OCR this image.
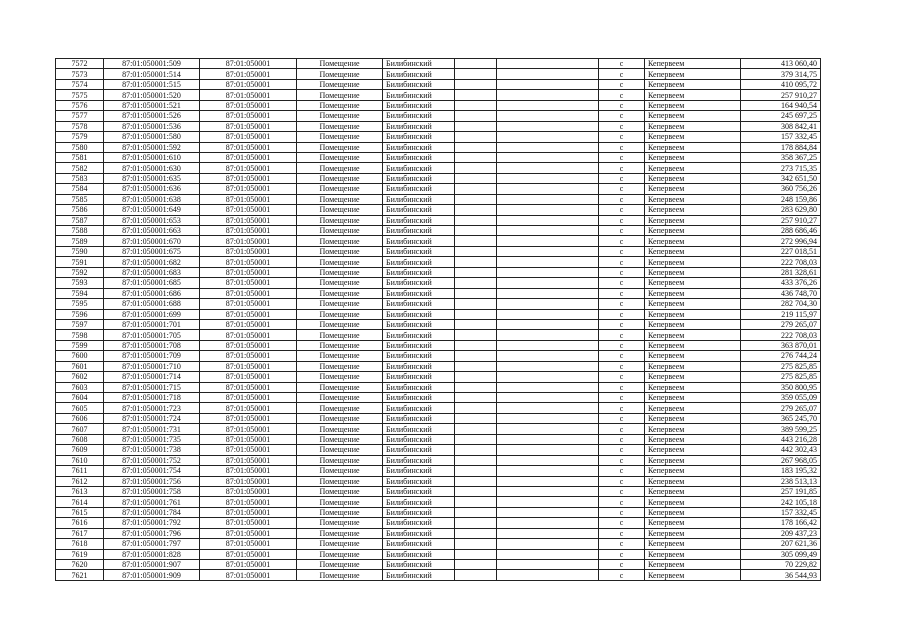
7572	87:01:050001:509	87:01:050001	Помещение	Билибинский			с	Кепервеем	413 060,40
7573	87:01:050001:514	87:01:050001	Помещение	Билибинский			с	Кепервеем	379 314,75
7574	87:01:050001:515	87:01:050001	Помещение	Билибинский			с	Кепервеем	410 095,72
7575	87:01:050001:520	87:01:050001	Помещение	Билибинский			с	Кепервеем	257 910,27
7576	87:01:050001:521	87:01:050001	Помещение	Билибинский			с	Кепервеем	164 940,54
7577	87:01:050001:526	87:01:050001	Помещение	Билибинский			с	Кепервеем	245 697,25
7578	87:01:050001:536	87:01:050001	Помещение	Билибинский			с	Кепервеем	308 842,41
7579	87:01:050001:580	87:01:050001	Помещение	Билибинский			с	Кепервеем	157 332,45
7580	87:01:050001:592	87:01:050001	Помещение	Билибинский			с	Кепервеем	178 884,84
7581	87:01:050001:610	87:01:050001	Помещение	Билибинский			с	Кепервеем	358 367,25
7582	87:01:050001:630	87:01:050001	Помещение	Билибинский			с	Кепервеем	273 715,35
7583	87:01:050001:635	87:01:050001	Помещение	Билибинский			с	Кепервеем	342 651,50
7584	87:01:050001:636	87:01:050001	Помещение	Билибинский			с	Кепервеем	360 756,26
7585	87:01:050001:638	87:01:050001	Помещение	Билибинский			с	Кепервеем	248 159,86
7586	87:01:050001:649	87:01:050001	Помещение	Билибинский			с	Кепервеем	283 629,80
7587	87:01:050001:653	87:01:050001	Помещение	Билибинский			с	Кепервеем	257 910,27
7588	87:01:050001:663	87:01:050001	Помещение	Билибинский			с	Кепервеем	288 686,46
7589	87:01:050001:670	87:01:050001	Помещение	Билибинский			с	Кепервеем	272 996,94
7590	87:01:050001:675	87:01:050001	Помещение	Билибинский			с	Кепервеем	227 018,51
7591	87:01:050001:682	87:01:050001	Помещение	Билибинский			с	Кепервеем	222 708,03
7592	87:01:050001:683	87:01:050001	Помещение	Билибинский			с	Кепервеем	281 328,61
7593	87:01:050001:685	87:01:050001	Помещение	Билибинский			с	Кепервеем	433 376,26
7594	87:01:050001:686	87:01:050001	Помещение	Билибинский			с	Кепервеем	436 748,70
7595	87:01:050001:688	87:01:050001	Помещение	Билибинский			с	Кепервеем	282 704,30
7596	87:01:050001:699	87:01:050001	Помещение	Билибинский			с	Кепервеем	219 115,97
7597	87:01:050001:701	87:01:050001	Помещение	Билибинский			с	Кепервеем	279 265,07
7598	87:01:050001:705	87:01:050001	Помещение	Билибинский			с	Кепервеем	222 708,03
7599	87:01:050001:708	87:01:050001	Помещение	Билибинский			с	Кепервеем	363 870,01
7600	87:01:050001:709	87:01:050001	Помещение	Билибинский			с	Кепервеем	276 744,24
7601	87:01:050001:710	87:01:050001	Помещение	Билибинский			с	Кепервеем	275 825,85
7602	87:01:050001:714	87:01:050001	Помещение	Билибинский			с	Кепервеем	275 825,85
7603	87:01:050001:715	87:01:050001	Помещение	Билибинский			с	Кепервеем	350 800,95
7604	87:01:050001:718	87:01:050001	Помещение	Билибинский			с	Кепервеем	359 055,09
7605	87:01:050001:723	87:01:050001	Помещение	Билибинский			с	Кепервеем	279 265,07
7606	87:01:050001:724	87:01:050001	Помещение	Билибинский			с	Кепервеем	365 245,70
7607	87:01:050001:731	87:01:050001	Помещение	Билибинский			с	Кепервеем	389 599,25
7608	87:01:050001:735	87:01:050001	Помещение	Билибинский			с	Кепервеем	443 216,28
7609	87:01:050001:738	87:01:050001	Помещение	Билибинский			с	Кепервеем	442 302,43
7610	87:01:050001:752	87:01:050001	Помещение	Билибинский			с	Кепервеем	267 968,05
7611	87:01:050001:754	87:01:050001	Помещение	Билибинский			с	Кепервеем	183 195,32
7612	87:01:050001:756	87:01:050001	Помещение	Билибинский			с	Кепервеем	238 513,13
7613	87:01:050001:758	87:01:050001	Помещение	Билибинский			с	Кепервеем	257 191,85
7614	87:01:050001:761	87:01:050001	Помещение	Билибинский			с	Кепервеем	242 105,18
7615	87:01:050001:784	87:01:050001	Помещение	Билибинский			с	Кепервеем	157 332,45
7616	87:01:050001:792	87:01:050001	Помещение	Билибинский			с	Кепервеем	178 166,42
7617	87:01:050001:796	87:01:050001	Помещение	Билибинский			с	Кепервеем	209 437,23
7618	87:01:050001:797	87:01:050001	Помещение	Билибинский			с	Кепервеем	207 621,36
7619	87:01:050001:828	87:01:050001	Помещение	Билибинский			с	Кепервеем	305 099,49
7620	87:01:050001:907	87:01:050001	Помещение	Билибинский			с	Кепервеем	70 229,82
7621	87:01:050001:909	87:01:050001	Помещение	Билибинский			с	Кепервеем	36 544,93
